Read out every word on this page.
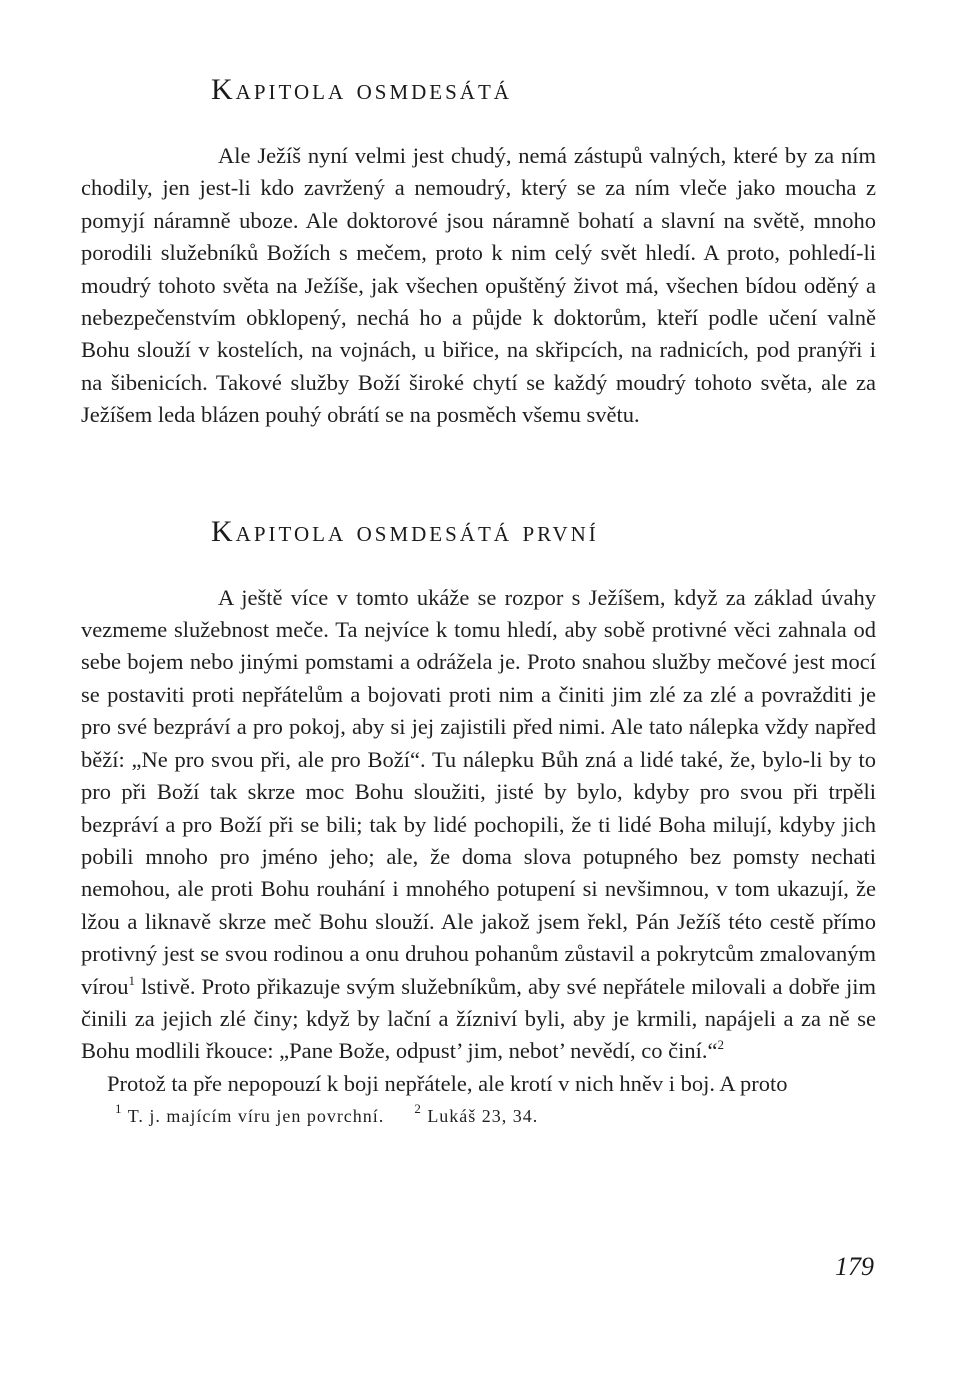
Kapitola osmdesátá

Ale Ježíš nyní velmi jest chudý, nemá zástupů valných, které by za ním chodily, jen jest-li kdo zavržený a nemoudrý, který se za ním vleče jako moucha z pomyjí náramně uboze. Ale doktorové jsou náramně bohatí a slavní na světě, mnoho porodili služebníků Božích s mečem, proto k nim celý svět hledí. A proto, pohledí-li moudrý tohoto světa na Ježíše, jak všechen opuštěný život má, všechen bídou oděný a nebezpečenstvím obklopený, nechá ho a půjde k doktorům, kteří podle učení valně Bohu slouží v kostelích, na vojnách, u biřice, na skřipcích, na radnicích, pod pranýři i na šibenicích. Takové služby Boží široké chytí se každý moudrý tohoto světa, ale za Ježíšem leda blázen pouhý obrátí se na posměch všemu světu.

Kapitola osmdesátá první

A ještě více v tomto ukáže se rozpor s Ježíšem, když za základ úvahy vezmeme služebnost meče. Ta nejvíce k tomu hledí, aby sobě protivné věci zahnala od sebe bojem nebo jinými pomstami a odrážela je. Proto snahou služby mečové jest mocí se postaviti proti nepřátelům a bojovati proti nim a činiti jim zlé za zlé a povražditi je pro své bezpráví a pro pokoj, aby si jej zajistili před nimi. Ale tato nálepka vždy napřed běží: „Ne pro svou při, ale pro Boží“. Tu nálepku Bůh zná a lidé také, že, bylo-li by to pro při Boží tak skrze moc Bohu sloužiti, jisté by bylo, kdyby pro svou při trpěli bezpráví a pro Boží při se bili; tak by lidé pochopili, že ti lidé Boha milují, kdyby jich pobili mnoho pro jméno jeho; ale, že doma slova potupného bez pomsty nechati nemohou, ale proti Bohu rouhání i mnohého potupení si nevšimnou, v tom ukazují, že lžou a liknavě skrze meč Bohu slouží. Ale jakož jsem řekl, Pán Ježíš této cestě přímo protivný jest se svou rodinou a onu druhou pohanům zůstavil a pokrytcům zmalovaným vírou$^1$ lstivě. Proto přikazuje svým služebníkům, aby své nepřátele milovali a dobře jim činili za jejich zlé činy; když by lační a žízniví byli, aby je krmili, napájeli a za ně se Bohu modlili řkouce: „Pane Bože, odpust’ jim, nebot’ nevědí, co činí.“$^2$

Protož ta pře nepopouzí k boji nepřátele, ale krotí v nich hněv i boj. A proto

$^1$ T. j. majícím víru jen povrchní. $^2$ Lukáš 23, 34.
179
